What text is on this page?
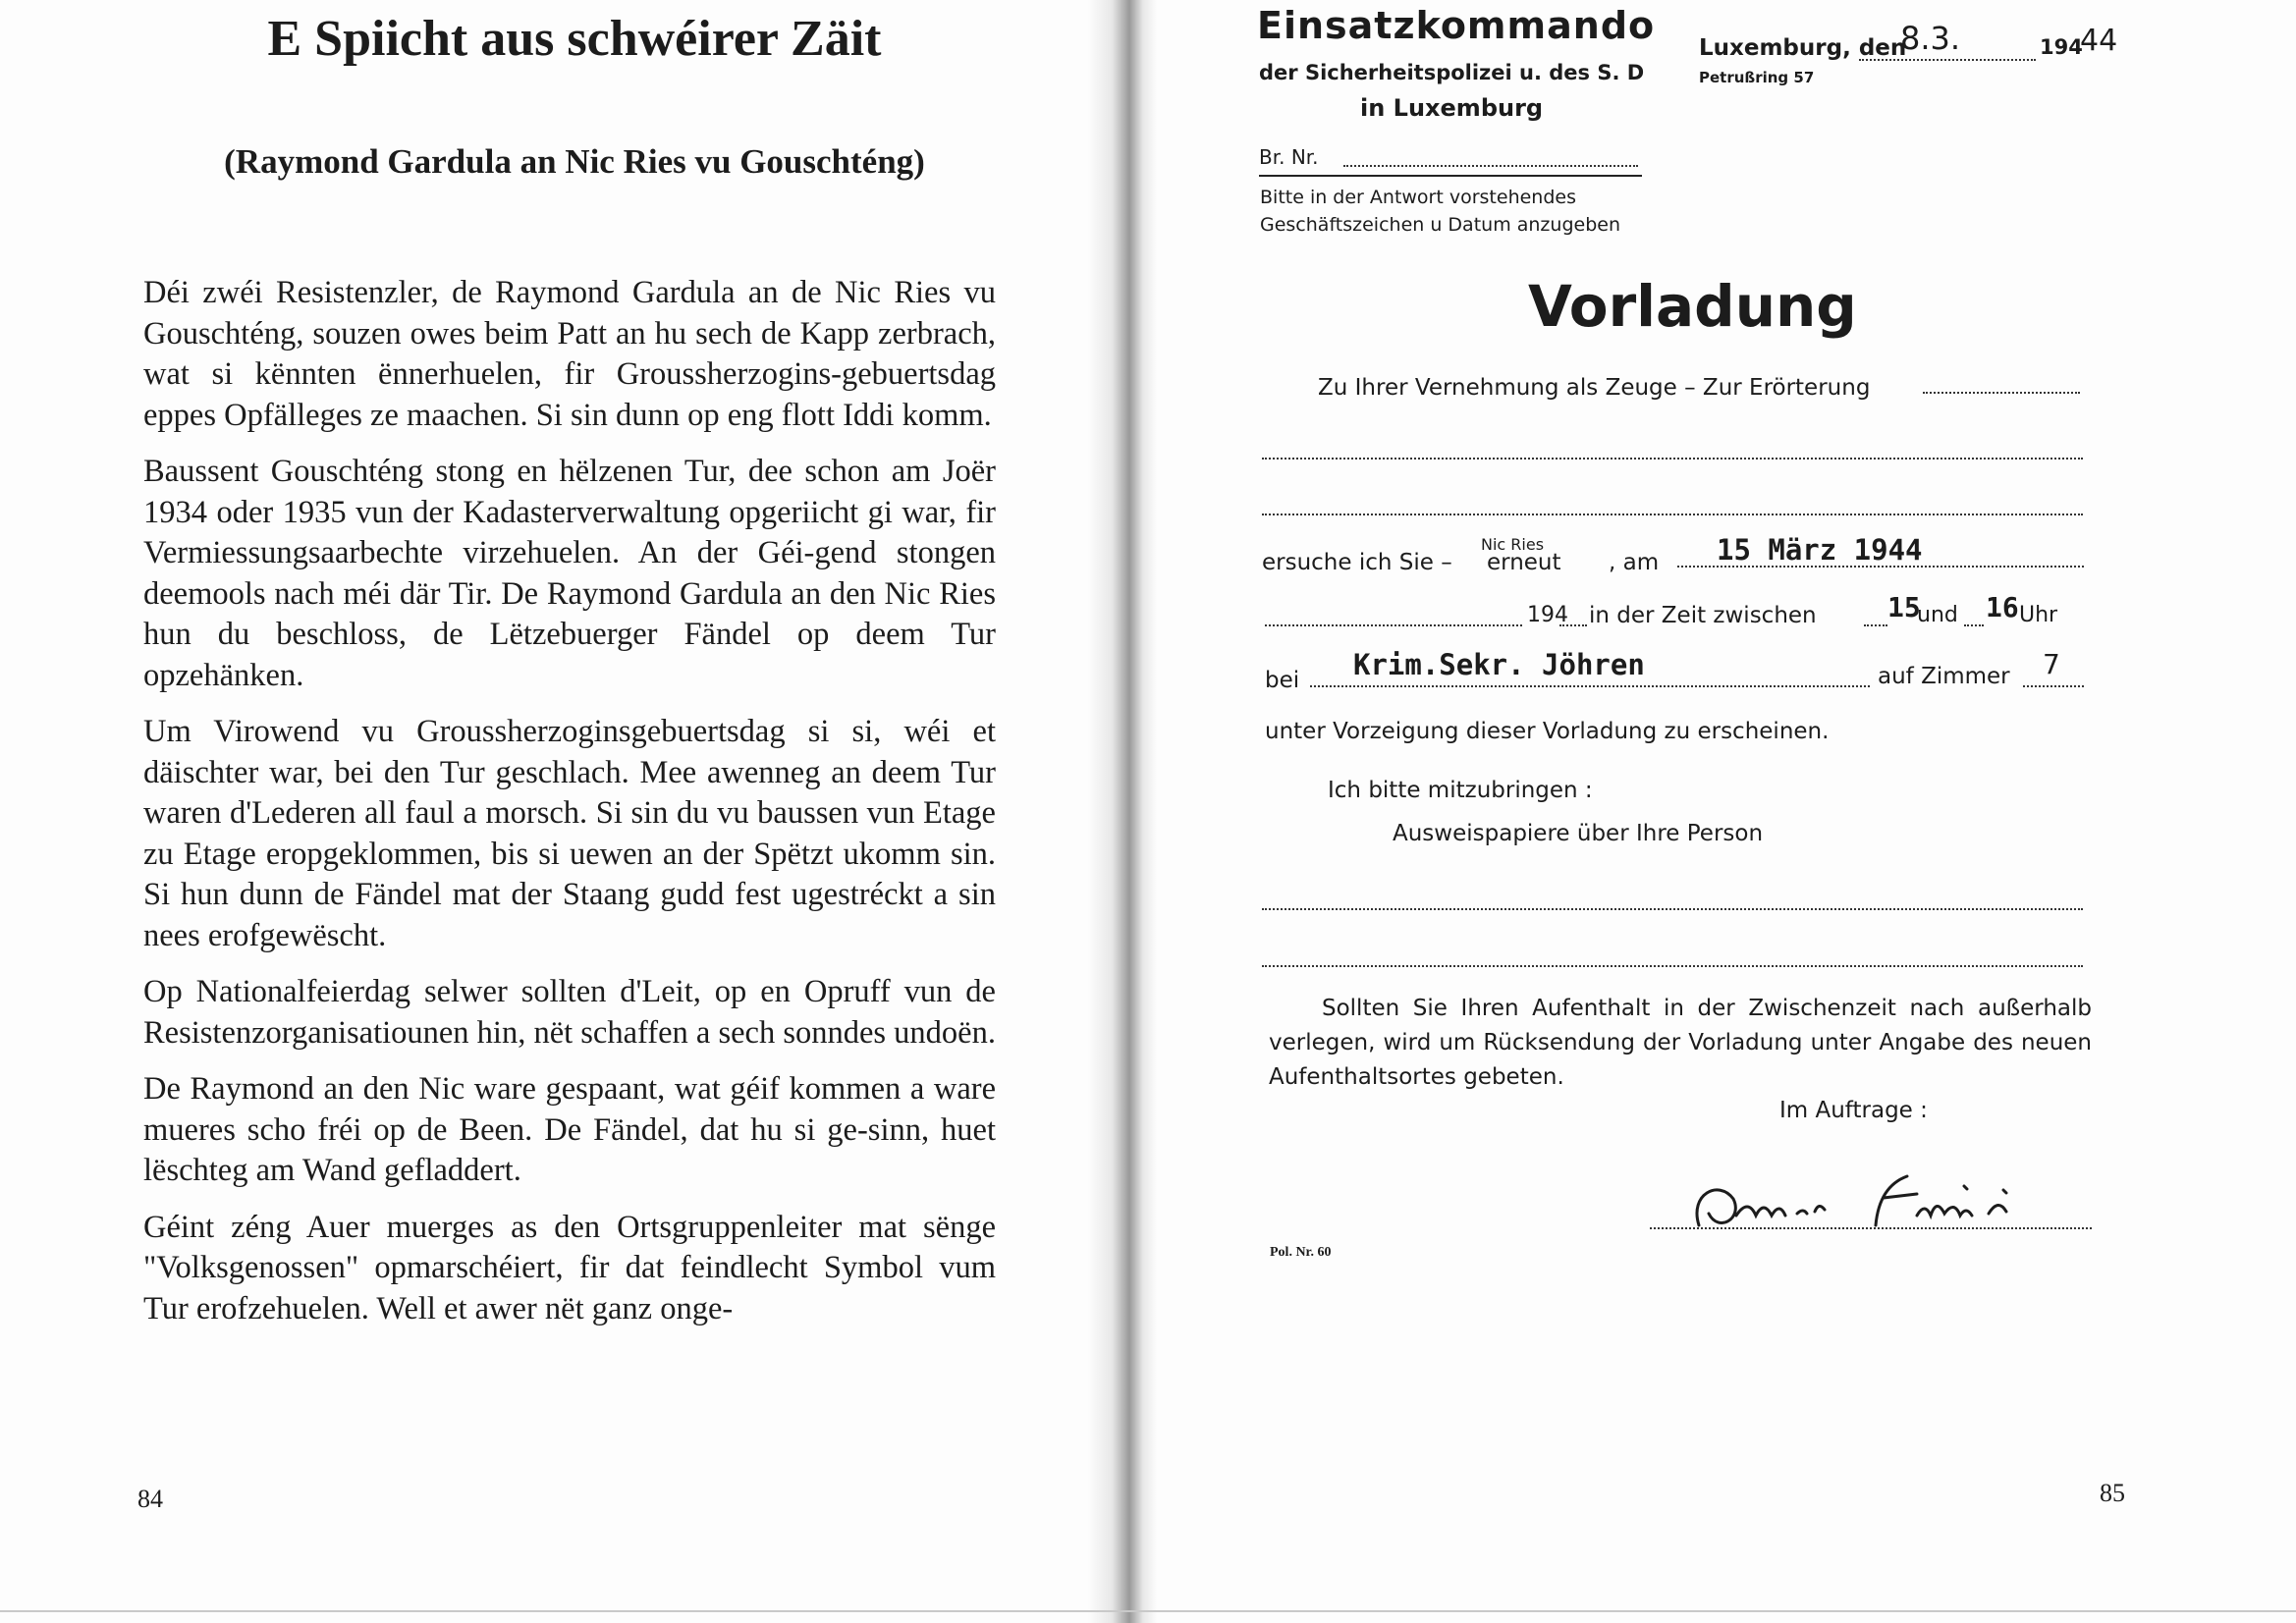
E Spiicht aus schwéirer Zäit
(Raymond Gardula an Nic Ries vu Gouschténg)

Déi zwéi Resistenzler, de Raymond Gardula an de Nic Ries vu Gouschténg, souzen owes beim Patt an hu sech de Kapp zerbrach, wat si kënnten ënnerhuelen, fir Groussherzogins-gebuertsdag eppes Opfälleges ze maachen. Si sin dunn op eng flott Iddi komm.

Baussent Gouschténg stong en hëlzenen Tur, dee schon am Joër 1934 oder 1935 vun der Kadasterverwaltung opgeriicht gi war, fir Vermiessungsaarbechte virzehuelen. An der Géi-gend stongen deemools nach méi där Tir. De Raymond Gardula an den Nic Ries hun du beschloss, de Lëtzebuerger Fändel op deem Tur opzehänken.

Um Virowend vu Groussherzoginsgebuertsdag si si, wéi et däischter war, bei den Tur geschlach. Mee awenneg an deem Tur waren d'Lederen all faul a morsch. Si sin du vu baussen vun Etage zu Etage eropgeklommen, bis si uewen an der Spëtzt ukomm sin. Si hun dunn de Fändel mat der Staang gudd fest ugestréckt a sin nees erofgewëscht.

Op Nationalfeierdag selwer sollten d'Leit, op en Opruff vun de Resistenzorganisatiounen hin, nët schaffen a sech sonndes undoën.

De Raymond an den Nic ware gespaant, wat géif kommen a ware mueres scho fréi op de Been. De Fändel, dat hu si ge-sinn, huet lëschteg am Wand gefladdert.

Géint zéng Auer muerges as den Ortsgruppenleiter mat sënge "Volksgenossen" opmarschéiert, fir dat feindlecht Symbol vum Tur erofzehuelen. Well et awer nët ganz onge-

84
Einsatzkommando
der Sicherheitspolizei u. des S. D
in Luxemburg
Luxemburg, den
8.3.	194
44
Petrußring 57
Br. Nr.
Bitte in der Antwort vorstehendes
Geschäftszeichen u Datum anzugeben
Vorladung
Zu Ihrer Vernehmung als Zeuge – Zur Erörterung
ersuche ich Sie –
Nic Ries
erneut , am 15 März 1944
194 in der Zeit zwischen	15
und 16 Uhr
bei Krim.Sekr. Jöhren	auf Zimmer 7
unter Vorzeigung dieser Vorladung zu erscheinen.
Ich bitte mitzubringen :
Ausweispapiere über Ihre Person

Sollten Sie Ihren Aufenthalt in der Zwischenzeit nach außerhalb verlegen, wird um Rücksendung der Vorladung unter Angabe des neuen Aufenthaltsortes gebeten.

Im Auftrage :
Pol. Nr. 60
85
